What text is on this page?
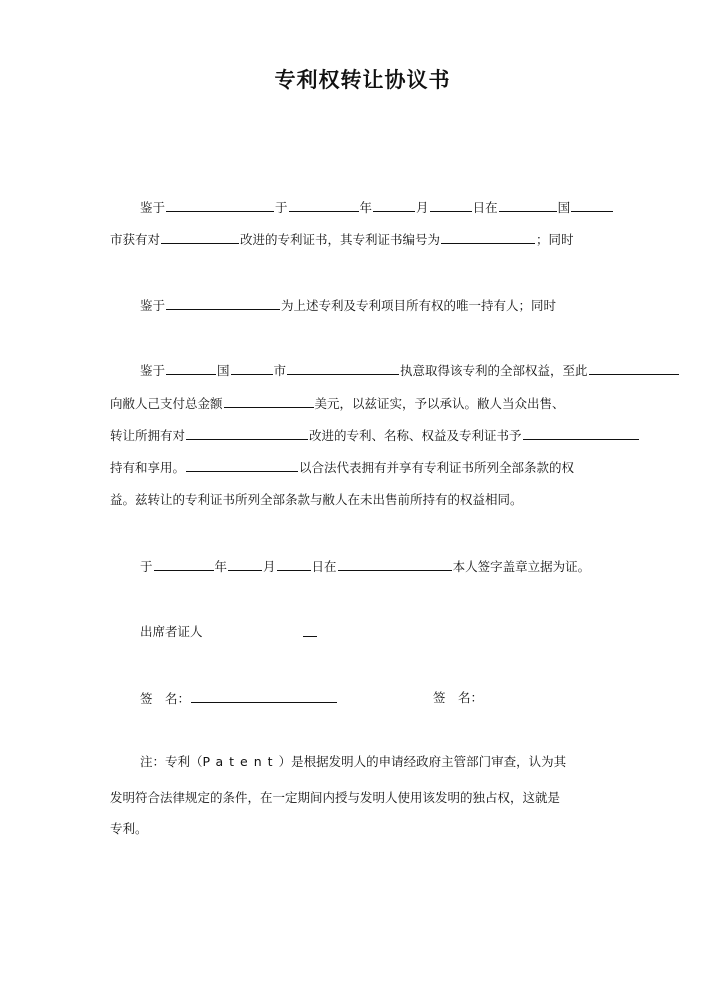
专利权转让协议书
鉴于	于	年	月	日在	国
市获有对	改进的专利证书，其专利证书编号为	；同时
鉴于	为上述专利及专利项目所有权的唯一持有人；同时
鉴于	国	市	执意取得该专利的全部权益，至此
向敝人己支付总金额	美元，以兹证实，予以承认。敝人当众出售、
转让所拥有对	改进的专利、名称、权益及专利证书予
持有和享用。	以合法代表拥有并享有专利证书所列全部条款的权
益。兹转让的专利证书所列全部条款与敝人在未出售前所持有的权益相同。
于	年	月	日在	本人签字盖章立据为证。
出席者证人
签　名：	签　名：
注：专利（Patent）是根据发明人的申请经政府主管部门审查，认为其
发明符合法律规定的条件，在一定期间内授与发明人使用该发明的独占权，这就是
专利。
